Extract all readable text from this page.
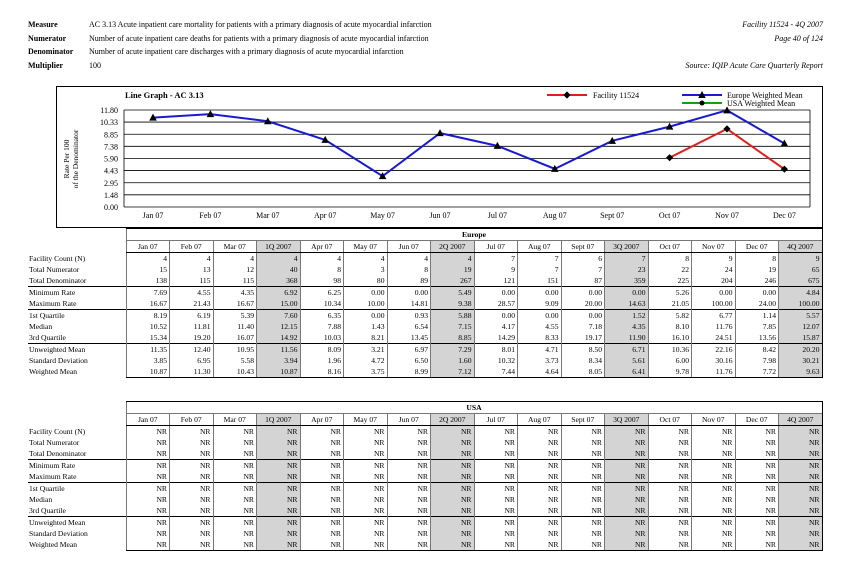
Facility 11524 - 4Q 2007
Page 40 of 124
Source: IQIP Acute Care Quarterly Report
Measure	AC 3.13 Acute inpatient care mortality for patients with a primary diagnosis of acute myocardial infarction
Numerator	Number of acute inpatient care deaths for patients with a primary diagnosis of acute myocardial infarction
Denominator	Number of acute inpatient care discharges with a primary diagnosis of acute myocardial infarction
Multiplier	100
Line Graph - AC 3.13
11.80
10.33
8.85
7.38
5.90
4.43
2.95
1.48
0.00
Rate Per 100of the Denominator
Jan 07	Feb 07	Mar 07	Apr 07	May 07	Jun 07	Jul 07	Aug 07	Sept 07	Oct 07	Nov 07	Dec 07
Facility 11524	Europe Weighted Mean
USA Weighted Mean
	Europe															
	Jan 07	Feb 07	Mar 07	1Q 2007	Apr 07	May 07	Jun 07	2Q 2007	Jul 07	Aug 07	Sept 07	3Q 2007	Oct 07	Nov 07	Dec 07	4Q 2007
Facility Count (N)	4	4	4	4	4	4	4	4	7	7	6	7	8	9	8	9
Total Numerator	15	13	12	40	8	3	8	19	9	7	7	23	22	24	19	65
Total Denominator	138	115	115	368	98	80	89	267	121	151	87	359	225	204	246	675
Minimum Rate	7.69	4.55	4.35	6.92	6.25	0.00	0.00	5.49	0.00	0.00	0.00	0.00	5.26	0.00	0.00	4.84
Maximum Rate	16.67	21.43	16.67	15.00	10.34	10.00	14.81	9.38	28.57	9.09	20.00	14.63	21.05	100.00	24.00	100.00
1st Quartile	8.19	6.19	5.39	7.60	6.35	0.00	0.93	5.88	0.00	0.00	0.00	1.52	5.82	6.77	1.14	5.57
Median	10.52	11.81	11.40	12.15	7.88	1.43	6.54	7.15	4.17	4.55	7.18	4.35	8.10	11.76	7.85	12.07
3rd Quartile	15.34	19.20	16.07	14.92	10.03	8.21	13.45	8.85	14.29	8.33	19.17	11.90	16.10	24.51	13.56	15.87
Unweighted Mean	11.35	12.40	10.95	11.56	8.09	3.21	6.97	7.29	8.01	4.71	8.50	6.71	10.36	22.16	8.42	20.20
Standard Deviation	3.85	6.95	5.58	3.94	1.96	4.72	6.50	1.60	10.32	3.73	8.34	5.61	6.00	30.16	7.98	30.21
Weighted Mean	10.87	11.30	10.43	10.87	8.16	3.75	8.99	7.12	7.44	4.64	8.05	6.41	9.78	11.76	7.72	9.63
	USA															
	Jan 07	Feb 07	Mar 07	1Q 2007	Apr 07	May 07	Jun 07	2Q 2007	Jul 07	Aug 07	Sept 07	3Q 2007	Oct 07	Nov 07	Dec 07	4Q 2007
Facility Count (N)	NR	NR	NR	NR	NR	NR	NR	NR	NR	NR	NR	NR	NR	NR	NR	NR
Total Numerator	NR	NR	NR	NR	NR	NR	NR	NR	NR	NR	NR	NR	NR	NR	NR	NR
Total Denominator	NR	NR	NR	NR	NR	NR	NR	NR	NR	NR	NR	NR	NR	NR	NR	NR
Minimum Rate	NR	NR	NR	NR	NR	NR	NR	NR	NR	NR	NR	NR	NR	NR	NR	NR
Maximum Rate	NR	NR	NR	NR	NR	NR	NR	NR	NR	NR	NR	NR	NR	NR	NR	NR
1st Quartile	NR	NR	NR	NR	NR	NR	NR	NR	NR	NR	NR	NR	NR	NR	NR	NR
Median	NR	NR	NR	NR	NR	NR	NR	NR	NR	NR	NR	NR	NR	NR	NR	NR
3rd Quartile	NR	NR	NR	NR	NR	NR	NR	NR	NR	NR	NR	NR	NR	NR	NR	NR
Unweighted Mean	NR	NR	NR	NR	NR	NR	NR	NR	NR	NR	NR	NR	NR	NR	NR	NR
Standard Deviation	NR	NR	NR	NR	NR	NR	NR	NR	NR	NR	NR	NR	NR	NR	NR	NR
Weighted Mean	NR	NR	NR	NR	NR	NR	NR	NR	NR	NR	NR	NR	NR	NR	NR	NR
